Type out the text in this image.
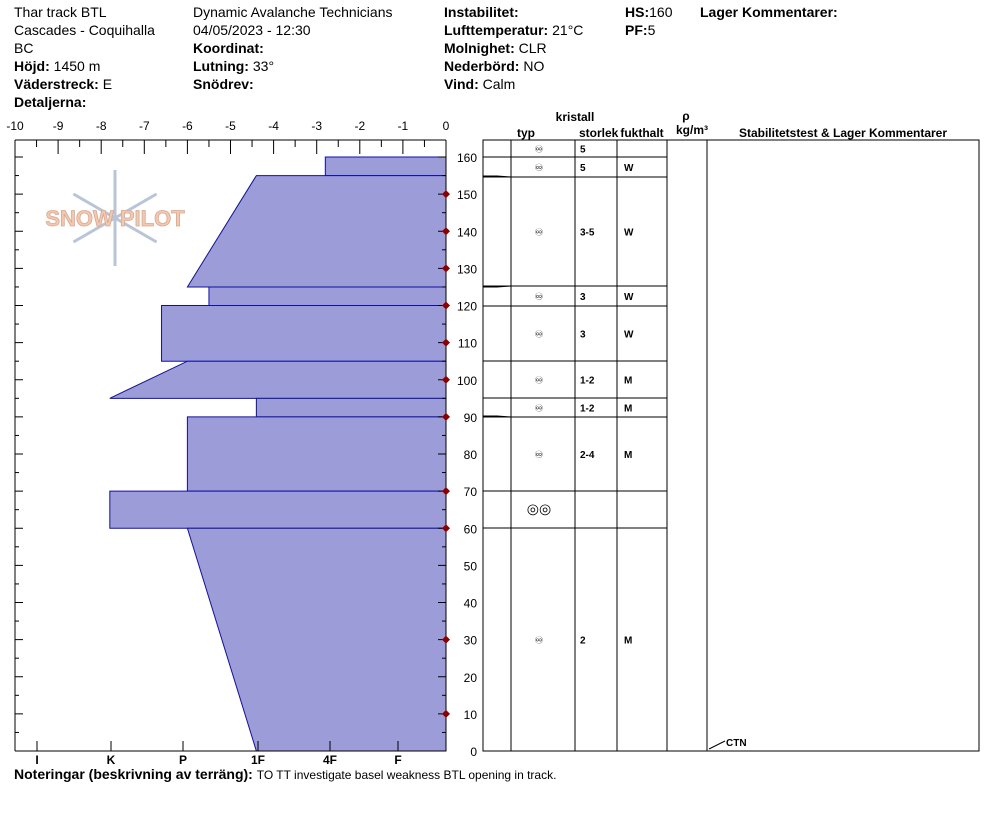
Thar track BTL
Cascades - Coquihalla
BC
Höjd: 1450 m
Väderstreck: E
Detaljerna:
Dynamic Avalanche Technicians
04/05/2023 - 12:30
Koordinat:
Lutning: 33°
Snödrev:
Instabilitet:
Lufttemperatur: 21°C
Molnighet: CLR
Nederbörd: NO
Vind: Calm
HS:160
PF:5
Lager Kommentarer:
SNOW PILOT
-10 -9	-8	-7	-6	-5	-4	-3	-2	-1	0
160
150
140
130
120
110
100
90
80
70
60
50
40
30
20
10
0
I	K	P	1F	4F	F
kristall
typ	storlek fukthalt
ρ
kg/m³	Stabilitetstest & Lager Kommentarer
♾	5
♾	5	W
♾	3-5	W
♾	3	W
♾	3	W
♾	1-2	M
♾	1-2	M
♾	2-4	M
◎◎
♾	2	M
CTN
Noteringar (beskrivning av terräng): TO TT investigate basel weakness BTL opening in track.
